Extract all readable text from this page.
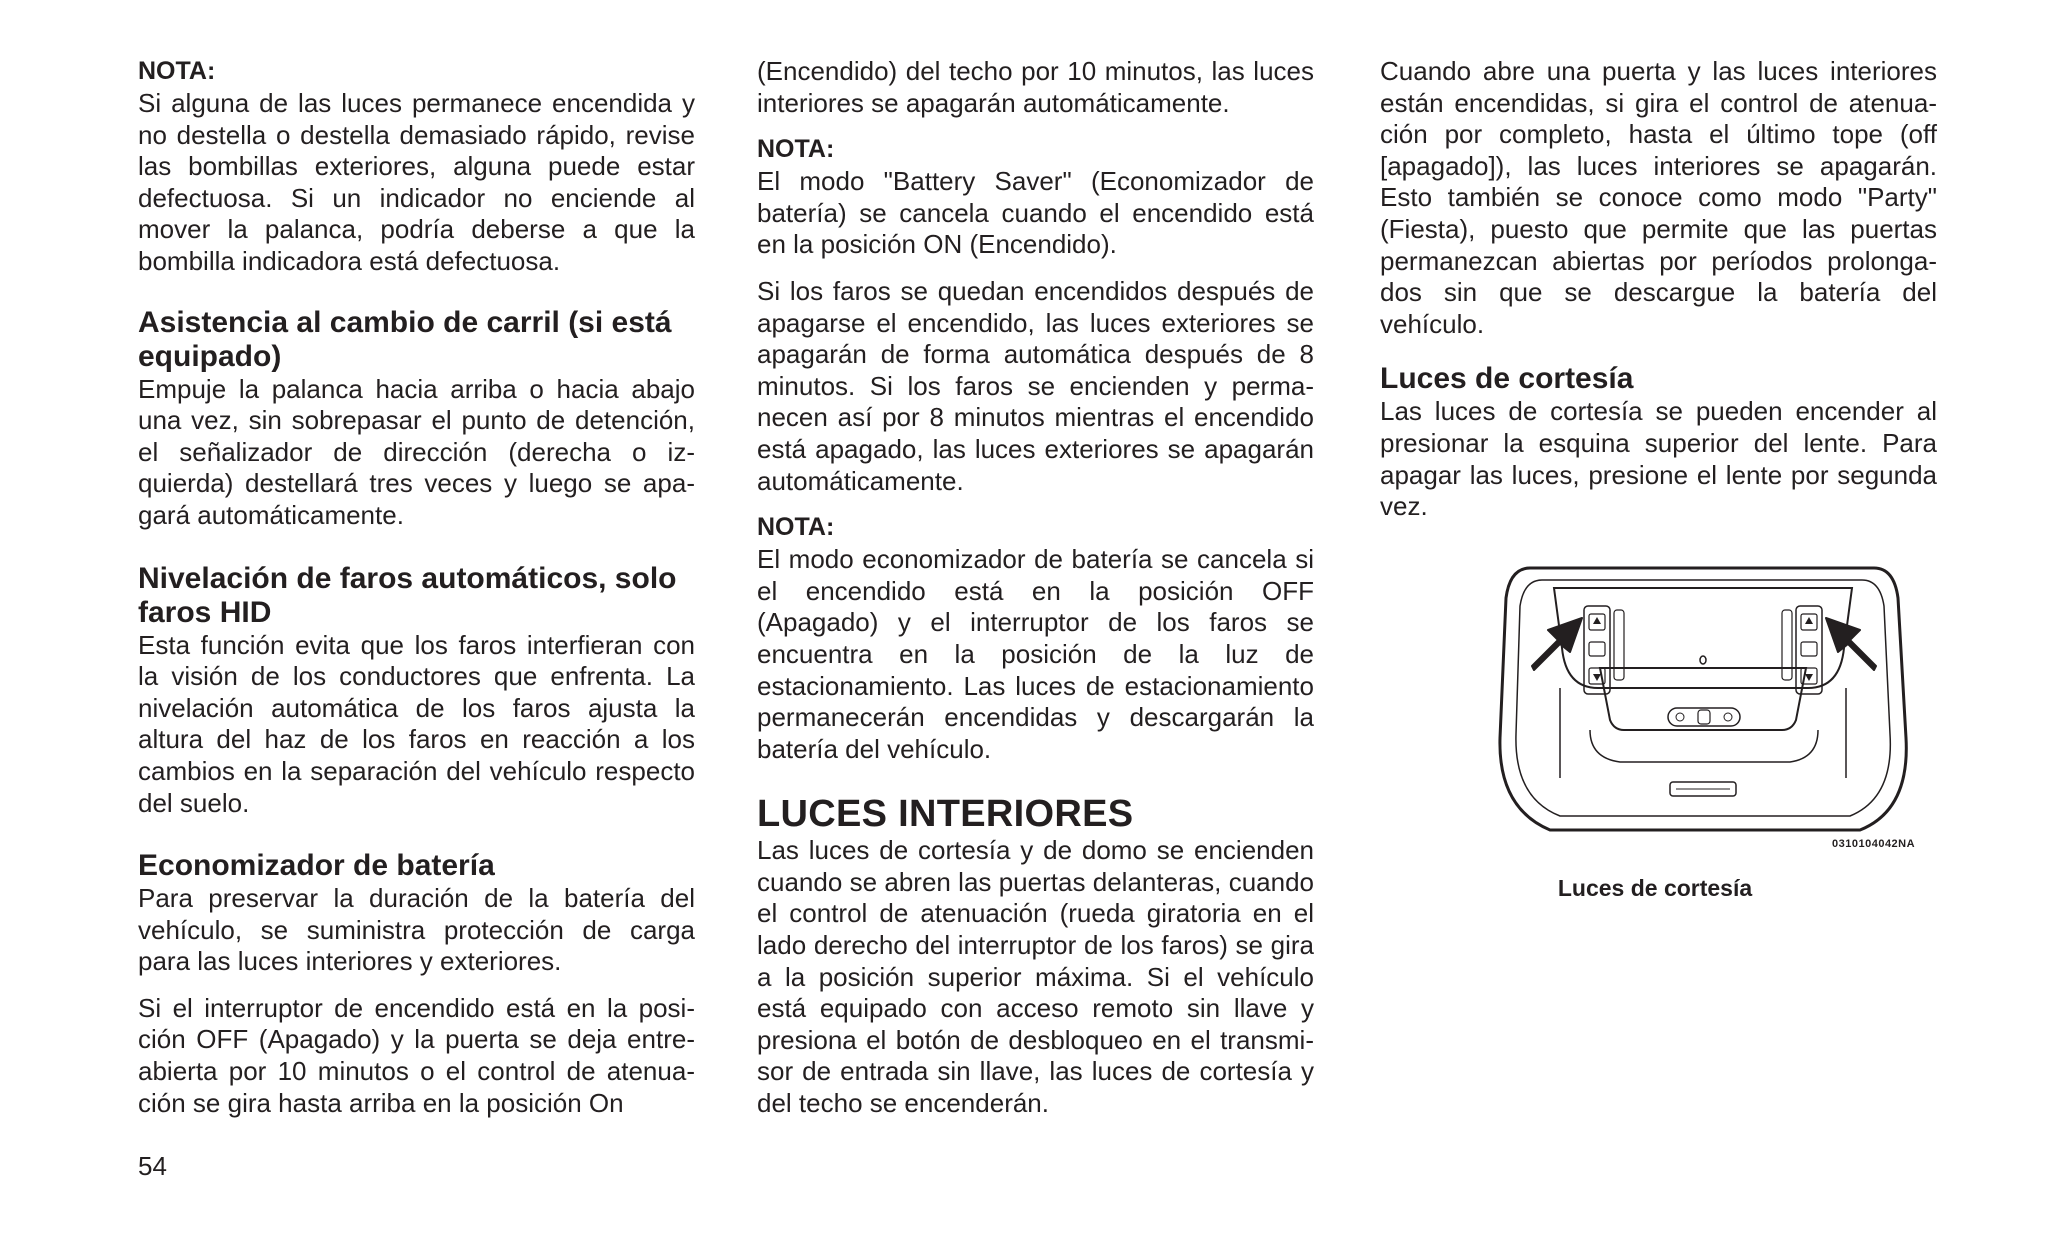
NOTA:

Si alguna de las luces permanece encendida y no destella o destella demasiado rápido, revise las bombillas exteriores, alguna puede estar defectuosa. Si un indicador no enciende al mover la palanca, podría deberse a que la bombilla indicadora está defectuosa.

Asistencia al cambio de carril (si está equipado)

Empuje la palanca hacia arriba o hacia abajo una vez, sin sobrepasar el punto de detención, el señalizador de dirección (derecha o izquierda) destellará tres veces y luego se apagará automáticamente.

Nivelación de faros automáticos, solo faros HID

Esta función evita que los faros interfieran con la visión de los conductores que enfrenta. La nivelación automática de los faros ajusta la altura del haz de los faros en reacción a los cambios en la separación del vehículo respecto del suelo.

Economizador de batería

Para preservar la duración de la batería del vehículo, se suministra protección de carga para las luces interiores y exteriores.

Si el interruptor de encendido está en la posición OFF (Apagado) y la puerta se deja entreabierta por 10 minutos o el control de atenuación se gira hasta arriba en la posición On

(Encendido) del techo por 10 minutos, las luces interiores se apagarán automáticamente.

NOTA:

El modo "Battery Saver" (Economizador de batería) se cancela cuando el encendido está en la posición ON (Encendido).

Si los faros se quedan encendidos después de apagarse el encendido, las luces exteriores se apagarán de forma automática después de 8 minutos. Si los faros se encienden y permanecen así por 8 minutos mientras el encendido está apagado, las luces exteriores se apagarán automáticamente.

NOTA:

El modo economizador de batería se cancela si el encendido está en la posición OFF (Apagado) y el interruptor de los faros se encuentra en la posición de la luz de estacionamiento. Las luces de estacionamiento permanecerán encendidas y descargarán la batería del vehículo.

LUCES INTERIORES

Las luces de cortesía y de domo se encienden cuando se abren las puertas delanteras, cuando el control de atenuación (rueda giratoria en el lado derecho del interruptor de los faros) se gira a la posición superior máxima. Si el vehículo está equipado con acceso remoto sin llave y presiona el botón de desbloqueo en el transmisor de entrada sin llave, las luces de cortesía y del techo se encenderán.

Cuando abre una puerta y las luces interiores están encendidas, si gira el control de atenuación por completo, hasta el último tope (off [apagado]), las luces interiores se apagarán. Esto también se conoce como modo "Party" (Fiesta), puesto que permite que las puertas permanezcan abiertas por períodos prolongados sin que se descargue la batería del vehículo.

Luces de cortesía

Las luces de cortesía se pueden encender al presionar la esquina superior del lente. Para apagar las luces, presione el lente por segunda vez.

0310104042NA
Luces de cortesía
54
